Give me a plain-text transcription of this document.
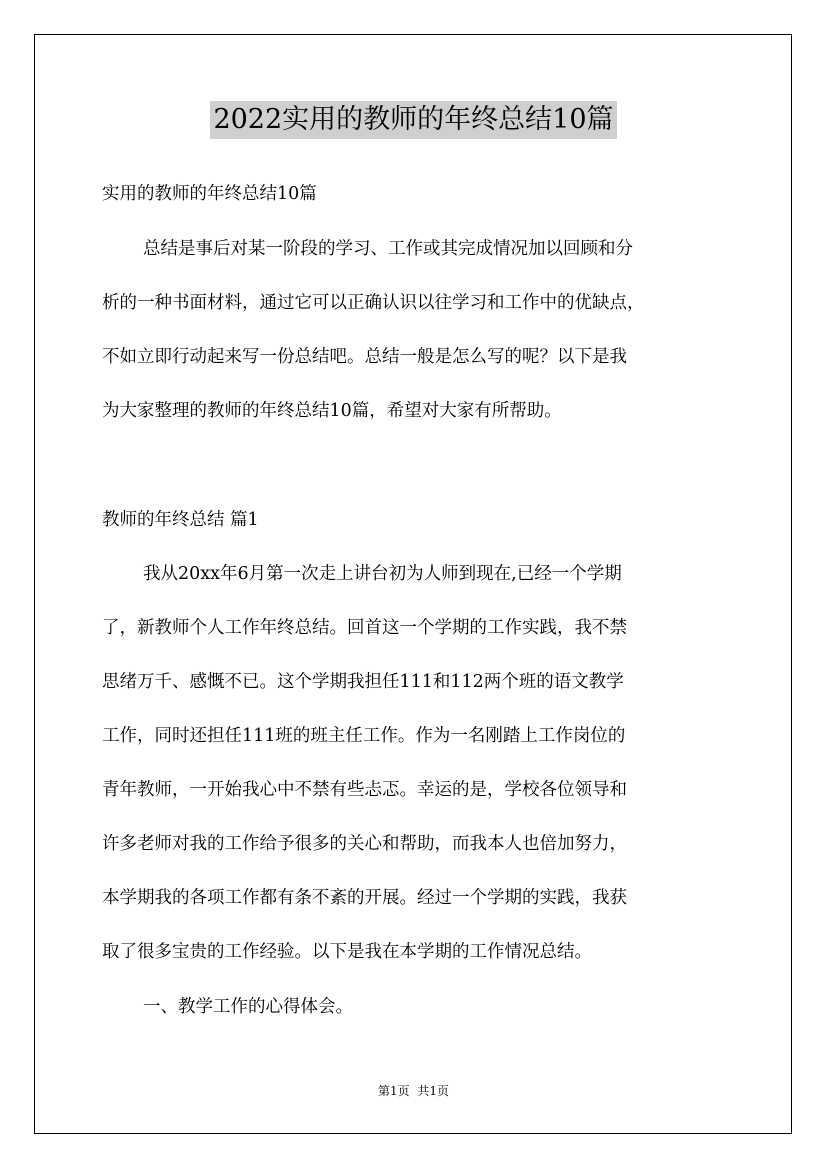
2022实用的教师的年终总结10篇
实用的教师的年终总结10篇
总结是事后对某一阶段的学习、工作或其完成情况加以回顾和分
析的一种书面材料，通过它可以正确认识以往学习和工作中的优缺点，
不如立即行动起来写一份总结吧。总结一般是怎么写的呢？以下是我
为大家整理的教师的年终总结10篇，希望对大家有所帮助。
教师的年终总结 篇1
我从20xx年6月第一次走上讲台初为人师到现在,已经一个学期
了，新教师个人工作年终总结。回首这一个学期的工作实践，我不禁
思绪万千、感慨不已。这个学期我担任111和112两个班的语文教学
工作，同时还担任111班的班主任工作。作为一名刚踏上工作岗位的
青年教师，一开始我心中不禁有些忐忑。幸运的是，学校各位领导和
许多老师对我的工作给予很多的关心和帮助，而我本人也倍加努力，
本学期我的各项工作都有条不紊的开展。经过一个学期的实践，我获
取了很多宝贵的工作经验。以下是我在本学期的工作情况总结。
一、教学工作的心得体会。
第1页 共1页
